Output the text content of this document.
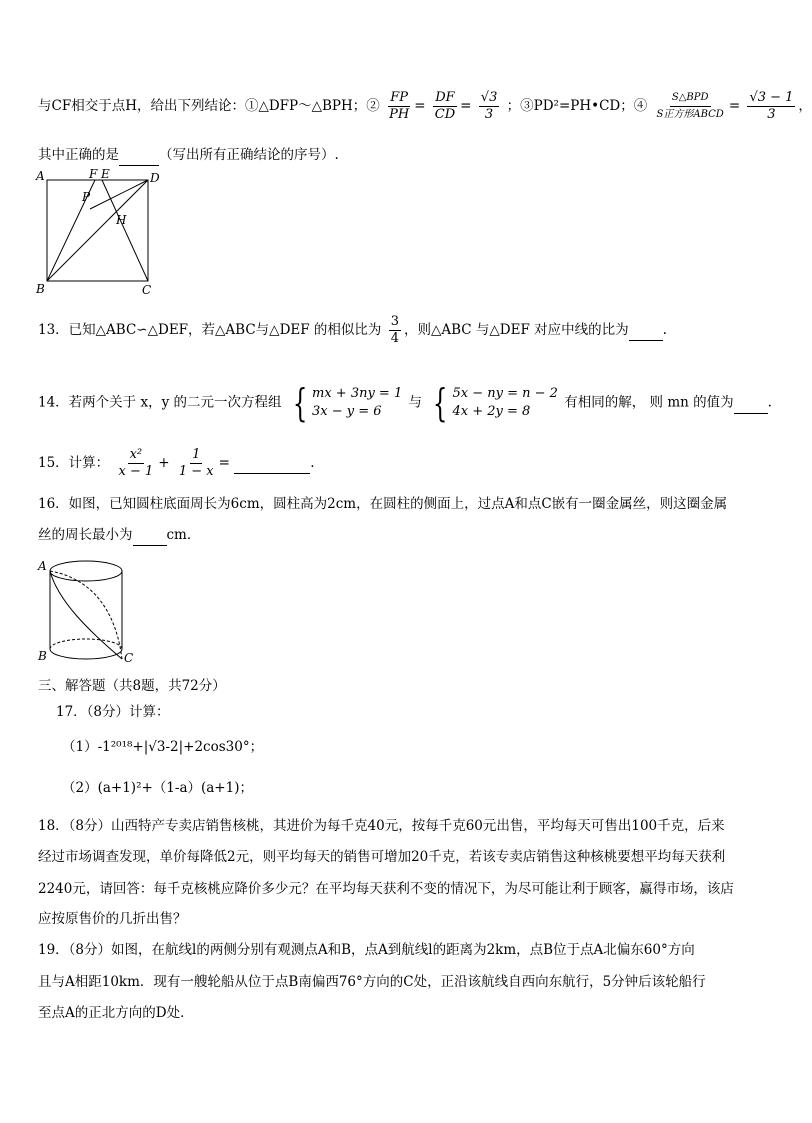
与CF相交于点H，给出下列结论：①△DFP～△BPH；② $\frac{FP}{PH} = \frac{DF}{CD} = \frac{√3}{3}$ ；③PD²=PH•CD；④ $\frac{\text{S△BPD}}{\text{S正方形ABCD}} = \frac{√3 - 1}{3}$ ，
其中正确的是	（写出所有正确结论的序号）.
A	F E	D
P
H
B	C
13．已知△ABC∽△DEF，若△ABC与△DEF 的相似比为 $\frac{3}{4}$ ，则△ABC 与△DEF 对应中线的比为	.
14．若两个关于 x，y 的二元一次方程组 { mx + 3ny = 1
3x − y = 6
与 { 5x − ny = n − 2
4x + 2y = 8
有相同的解， 则 mn 的值为	.
15．计算： $\frac{\text{x²}}{x - 1} + \frac{1}{1 - x}$ =	.
16．如图，已知圆柱底面周长为6cm，圆柱高为2cm，在圆柱的侧面上，过点A和点C嵌有一圈金属丝，则这圈金属
丝的周长最小为	cm．
A
B	C
三、解答题（共8题，共72分）
17．（8分）计算：
（1）-1²⁰¹⁸+|√3-2|+2cos30°；
（2）(a+1)²+（1-a）(a+1)；
18．（8分）山西特产专卖店销售核桃，其进价为每千克40元，按每千克60元出售，平均每天可售出100千克，后来
经过市场调查发现，单价每降低2元，则平均每天的销售可增加20千克，若该专卖店销售这种核桃要想平均每天获利
2240元，请回答：每千克核桃应降价多少元？在平均每天获利不变的情况下，为尽可能让利于顾客，赢得市场，该店
应按原售价的几折出售？
19．（8分）如图，在航线l的两侧分别有观测点A和B，点A到航线l的距离为2km，点B位于点A北偏东60°方向
且与A相距10km．现有一艘轮船从位于点B南偏西76°方向的C处，正沿该航线自西向东航行，5分钟后该轮船行
至点A的正北方向的D处．
